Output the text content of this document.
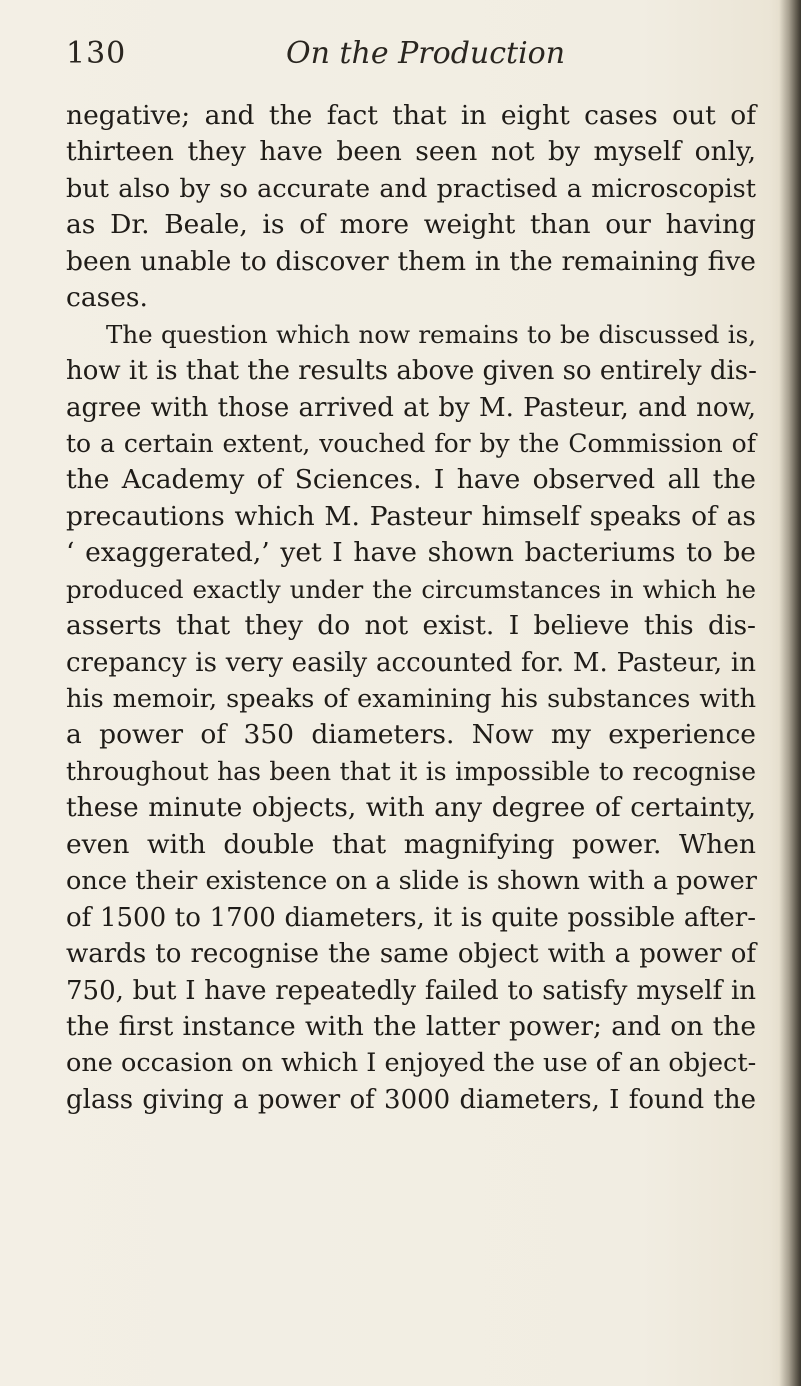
130	On the Production
negative; and the fact that in eight cases out of
thirteen they have been seen not by myself only,
but also by so accurate and practised a microscopist
as Dr. Beale, is of more weight than our having
been unable to discover them in the remaining five
cases.
The question which now remains to be discussed is,
how it is that the results above given so entirely dis-
agree with those arrived at by M. Pasteur, and now,
to a certain extent, vouched for by the Commission of
the Academy of Sciences. I have observed all the
precautions which M. Pasteur himself speaks of as
‘ exaggerated,’ yet I have shown bacteriums to be
produced exactly under the circumstances in which he
asserts that they do not exist. I believe this dis-
crepancy is very easily accounted for. M. Pasteur, in
his memoir, speaks of examining his substances with
a power of 350 diameters. Now my experience
throughout has been that it is impossible to recognise
these minute objects, with any degree of certainty,
even with double that magnifying power. When
once their existence on a slide is shown with a power
of 1500 to 1700 diameters, it is quite possible after-
wards to recognise the same object with a power of
750, but I have repeatedly failed to satisfy myself in
the first instance with the latter power; and on the
one occasion on which I enjoyed the use of an object-
glass giving a power of 3000 diameters, I found the
